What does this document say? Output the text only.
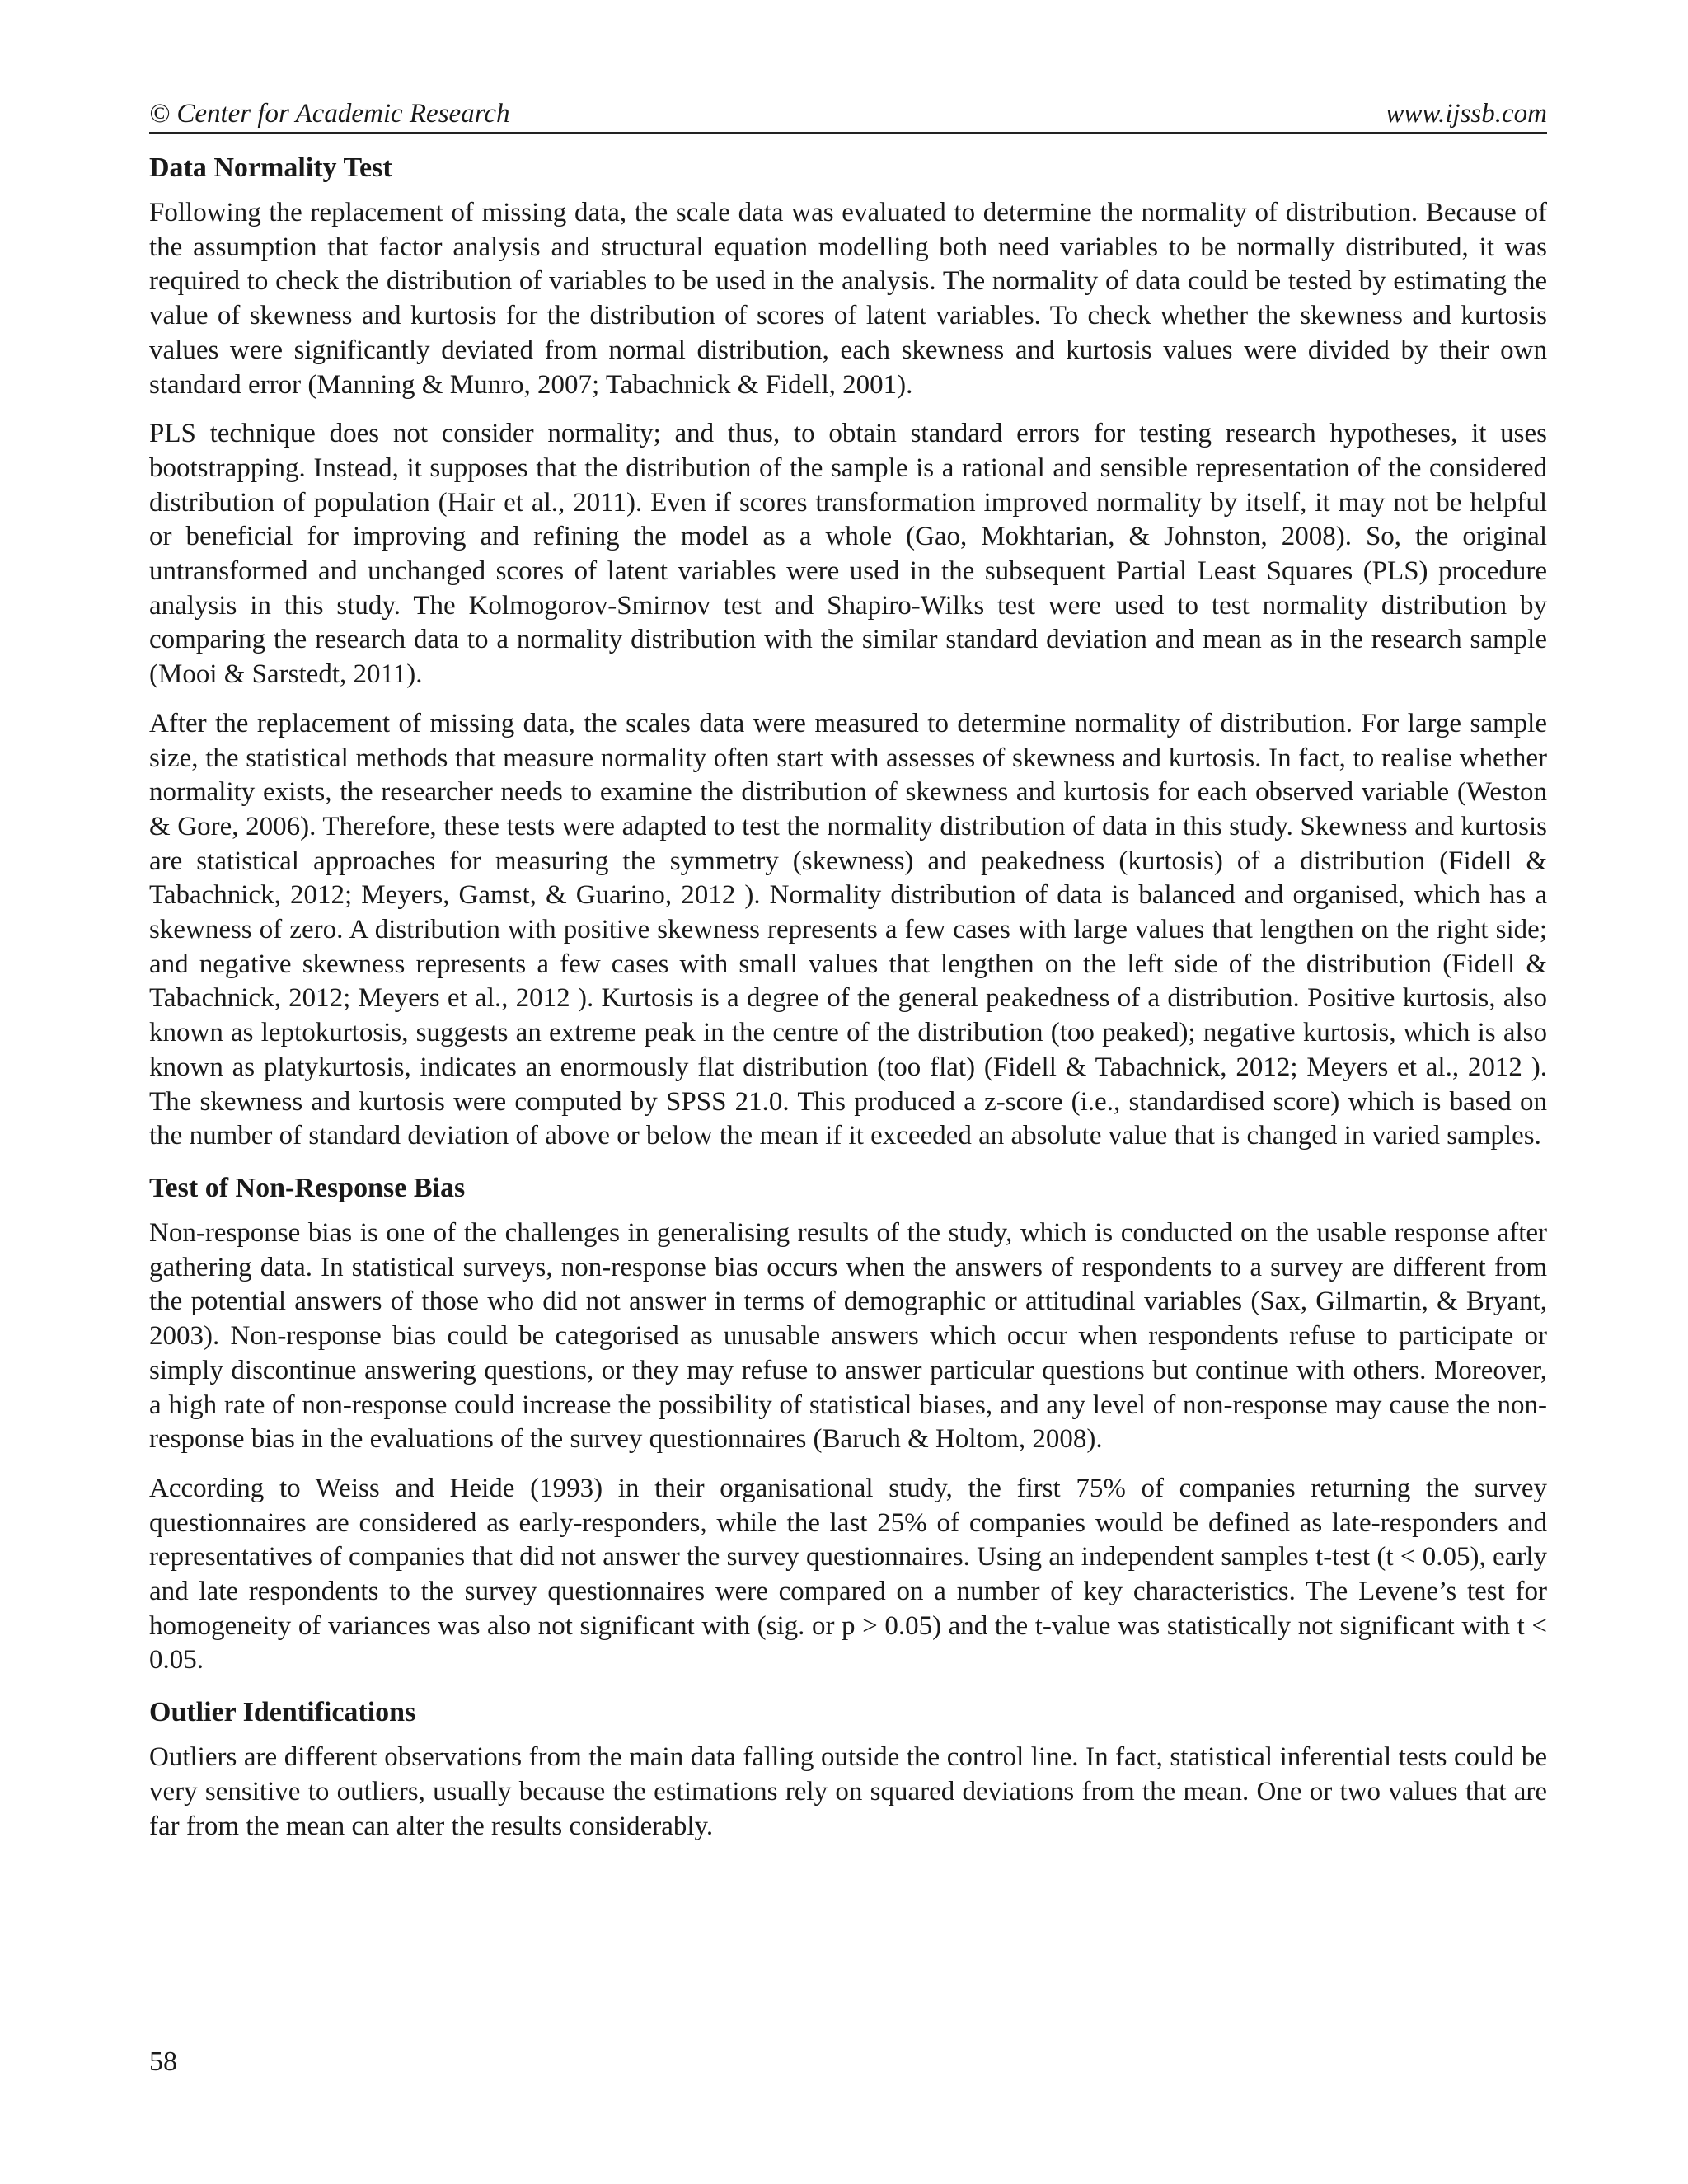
© Center for Academic Research	www.ijssb.com
Data Normality Test

Following the replacement of missing data, the scale data was evaluated to determine the normality of distribution. Because of the assumption that factor analysis and structural equation modelling both need variables to be normally distributed, it was required to check the distribution of variables to be used in the analysis. The normality of data could be tested by estimating the value of skewness and kurtosis for the distribution of scores of latent variables. To check whether the skewness and kurtosis values were significantly deviated from normal distribution, each skewness and kurtosis values were divided by their own standard error (Manning & Munro, 2007; Tabachnick & Fidell, 2001).

PLS technique does not consider normality; and thus, to obtain standard errors for testing research hypotheses, it uses bootstrapping. Instead, it supposes that the distribution of the sample is a rational and sensible representation of the considered distribution of population (Hair et al., 2011). Even if scores transformation improved normality by itself, it may not be helpful or beneficial for improving and refining the model as a whole (Gao, Mokhtarian, & Johnston, 2008). So, the original untransformed and unchanged scores of latent variables were used in the subsequent Partial Least Squares (PLS) procedure analysis in this study. The Kolmogorov-Smirnov test and Shapiro-Wilks test were used to test normality distribution by comparing the research data to a normality distribution with the similar standard deviation and mean as in the research sample (Mooi & Sarstedt, 2011).

After the replacement of missing data, the scales data were measured to determine normality of distribution. For large sample size, the statistical methods that measure normality often start with assesses of skewness and kurtosis. In fact, to realise whether normality exists, the researcher needs to examine the distribution of skewness and kurtosis for each observed variable (Weston & Gore, 2006). Therefore, these tests were adapted to test the normality distribution of data in this study. Skewness and kurtosis are statistical approaches for measuring the symmetry (skewness) and peakedness (kurtosis) of a distribution (Fidell & Tabachnick, 2012; Meyers, Gamst, & Guarino, 2012 ). Normality distribution of data is balanced and organised, which has a skewness of zero. A distribution with positive skewness represents a few cases with large values that lengthen on the right side; and negative skewness represents a few cases with small values that lengthen on the left side of the distribution (Fidell & Tabachnick, 2012; Meyers et al., 2012 ). Kurtosis is a degree of the general peakedness of a distribution. Positive kurtosis, also known as leptokurtosis, suggests an extreme peak in the centre of the distribution (too peaked); negative kurtosis, which is also known as platykurtosis, indicates an enormously flat distribution (too flat) (Fidell & Tabachnick, 2012; Meyers et al., 2012 ). The skewness and kurtosis were computed by SPSS 21.0. This produced a z-score (i.e., standardised score) which is based on the number of standard deviation of above or below the mean if it exceeded an absolute value that is changed in varied samples.

Test of Non-Response Bias

Non-response bias is one of the challenges in generalising results of the study, which is conducted on the usable response after gathering data. In statistical surveys, non-response bias occurs when the answers of respondents to a survey are different from the potential answers of those who did not answer in terms of demographic or attitudinal variables (Sax, Gilmartin, & Bryant, 2003). Non-response bias could be categorised as unusable answers which occur when respondents refuse to participate or simply discontinue answering questions, or they may refuse to answer particular questions but continue with others. Moreover, a high rate of non-response could increase the possibility of statistical biases, and any level of non-response may cause the non-response bias in the evaluations of the survey questionnaires (Baruch & Holtom, 2008).

According to Weiss and Heide (1993) in their organisational study, the first 75% of companies returning the survey questionnaires are considered as early-responders, while the last 25% of companies would be defined as late-responders and representatives of companies that did not answer the survey questionnaires. Using an independent samples t-test (t < 0.05), early and late respondents to the survey questionnaires were compared on a number of key characteristics. The Levene’s test for homogeneity of variances was also not significant with (sig. or p > 0.05) and the t-value was statistically not significant with t < 0.05.

Outlier Identifications

Outliers are different observations from the main data falling outside the control line. In fact, statistical inferential tests could be very sensitive to outliers, usually because the estimations rely on squared deviations from the mean. One or two values that are far from the mean can alter the results considerably.

58
